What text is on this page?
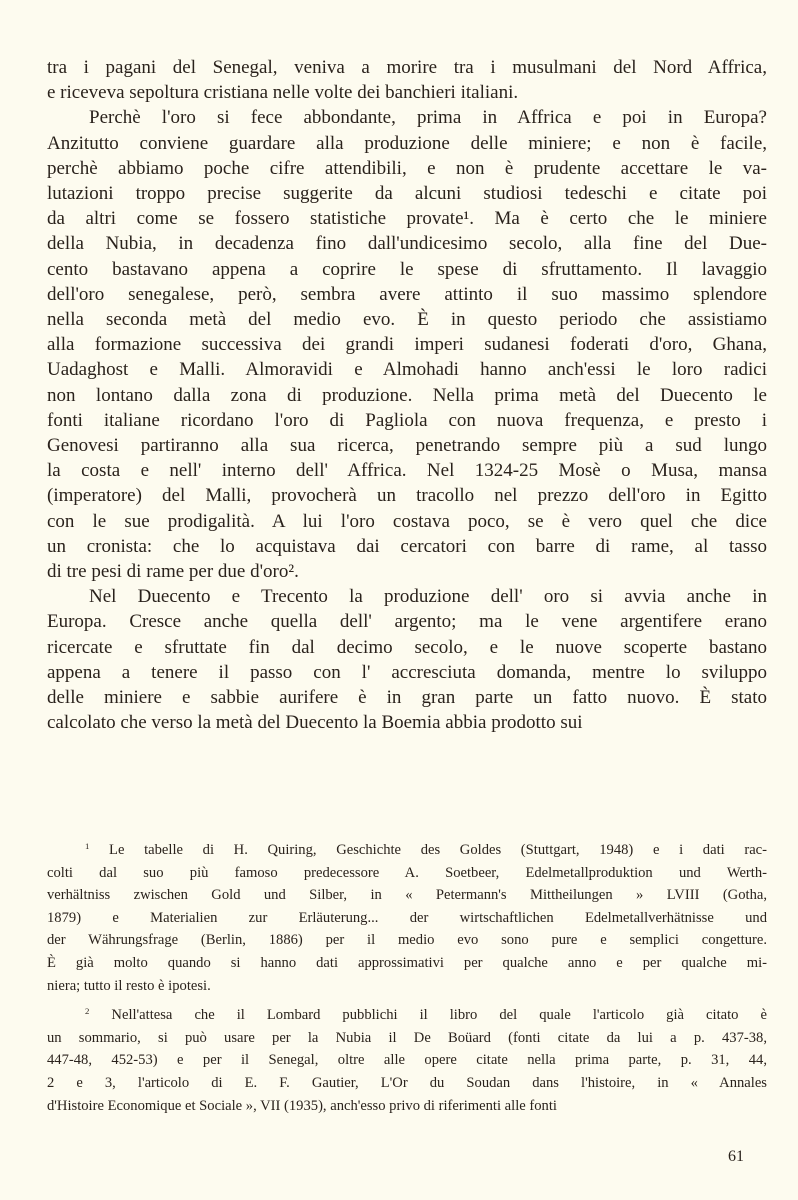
tra i pagani del Senegal, veniva a morire tra i musulmani del Nord Affrica,
e riceveva sepoltura cristiana nelle volte dei banchieri italiani.
Perchè l'oro si fece abbondante, prima in Affrica e poi in Europa?
Anzitutto conviene guardare alla produzione delle miniere; e non è facile,
perchè abbiamo poche cifre attendibili, e non è prudente accettare le va-
lutazioni troppo precise suggerite da alcuni studiosi tedeschi e citate poi
da altri come se fossero statistiche provate¹. Ma è certo che le miniere
della Nubia, in decadenza fino dall'undicesimo secolo, alla fine del Due-
cento bastavano appena a coprire le spese di sfruttamento. Il lavaggio
dell'oro senegalese, però, sembra avere attinto il suo massimo splendore
nella seconda metà del medio evo. È in questo periodo che assistiamo
alla formazione successiva dei grandi imperi sudanesi foderati d'oro, Ghana,
Uadaghost e Malli. Almoravidi e Almohadi hanno anch'essi le loro radici
non lontano dalla zona di produzione. Nella prima metà del Duecento le
fonti italiane ricordano l'oro di Pagliola con nuova frequenza, e presto i
Genovesi partiranno alla sua ricerca, penetrando sempre più a sud lungo
la costa e nell' interno dell' Affrica. Nel 1324-25 Mosè o Musa, mansa
(imperatore) del Malli, provocherà un tracollo nel prezzo dell'oro in Egitto
con le sue prodigalità. A lui l'oro costava poco, se è vero quel che dice
un cronista: che lo acquistava dai cercatori con barre di rame, al tasso
di tre pesi di rame per due d'oro².
Nel Duecento e Trecento la produzione dell' oro si avvia anche in
Europa. Cresce anche quella dell' argento; ma le vene argentifere erano
ricercate e sfruttate fin dal decimo secolo, e le nuove scoperte bastano
appena a tenere il passo con l' accresciuta domanda, mentre lo sviluppo
delle miniere e sabbie aurifere è in gran parte un fatto nuovo. È stato
calcolato che verso la metà del Duecento la Boemia abbia prodotto sui
$^1$ Le tabelle di H. Quiring, Geschichte des Goldes (Stuttgart, 1948) e i dati rac-
colti dal suo più famoso predecessore A. Soetbeer, Edelmetallproduktion und Werth-
verhältniss zwischen Gold und Silber, in « Petermann's Mittheilungen » LVIII (Gotha,
1879) e Materialien zur Erläuterung... der wirtschaftlichen Edelmetallverhätnisse und
der Währungsfrage (Berlin, 1886) per il medio evo sono pure e semplici congetture.
È già molto quando si hanno dati approssimativi per qualche anno e per qualche mi-
niera; tutto il resto è ipotesi.
$^2$ Nell'attesa che il Lombard pubblichi il libro del quale l'articolo già citato è
un sommario, si può usare per la Nubia il De Boüard (fonti citate da lui a p. 437-38,
447-48, 452-53) e per il Senegal, oltre alle opere citate nella prima parte, p. 31, 44,
2 e 3, l'articolo di E. F. Gautier, L'Or du Soudan dans l'histoire, in « Annales
d'Histoire Economique et Sociale », VII (1935), anch'esso privo di riferimenti alle fonti
61
